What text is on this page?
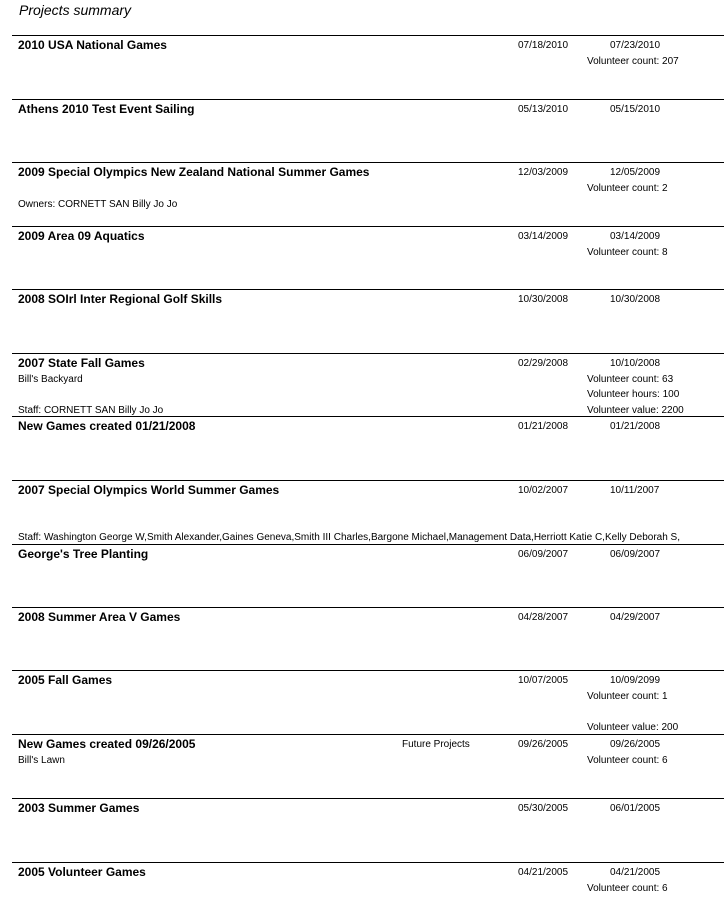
Projects summary
2010 USA National Games	07/18/2010	07/23/2010
Volunteer count: 207
Athens 2010 Test Event Sailing	05/13/2010	05/15/2010
2009 Special Olympics New Zealand National Summer Games	12/03/2009	12/05/2009
Volunteer count: 2
Owners: CORNETT SAN Billy Jo Jo
2009 Area 09 Aquatics	03/14/2009	03/14/2009
Volunteer count: 8
2008 SOIrl Inter Regional Golf Skills	10/30/2008	10/30/2008
2007 State Fall Games	02/29/2008	10/10/2008
Bill's Backyard	Volunteer count: 63
Volunteer hours: 100
Staff: CORNETT SAN Billy Jo Jo	Volunteer value: 2200
New Games created 01/21/2008	01/21/2008	01/21/2008
2007 Special Olympics World Summer Games	10/02/2007	10/11/2007
Staff: Washington George W,Smith Alexander,Gaines Geneva,Smith III Charles,Bargone Michael,Management Data,Herriott Katie C,Kelly Deborah S,
George's Tree Planting	06/09/2007	06/09/2007
2008 Summer Area V Games	04/28/2007	04/29/2007
2005 Fall Games	10/07/2005	10/09/2099
Volunteer count: 1
Volunteer value: 200
New Games created 09/26/2005	Future Projects	09/26/2005	09/26/2005
Bill's Lawn	Volunteer count: 6
2003 Summer Games	05/30/2005	06/01/2005
2005 Volunteer Games	04/21/2005	04/21/2005
Volunteer count: 6
